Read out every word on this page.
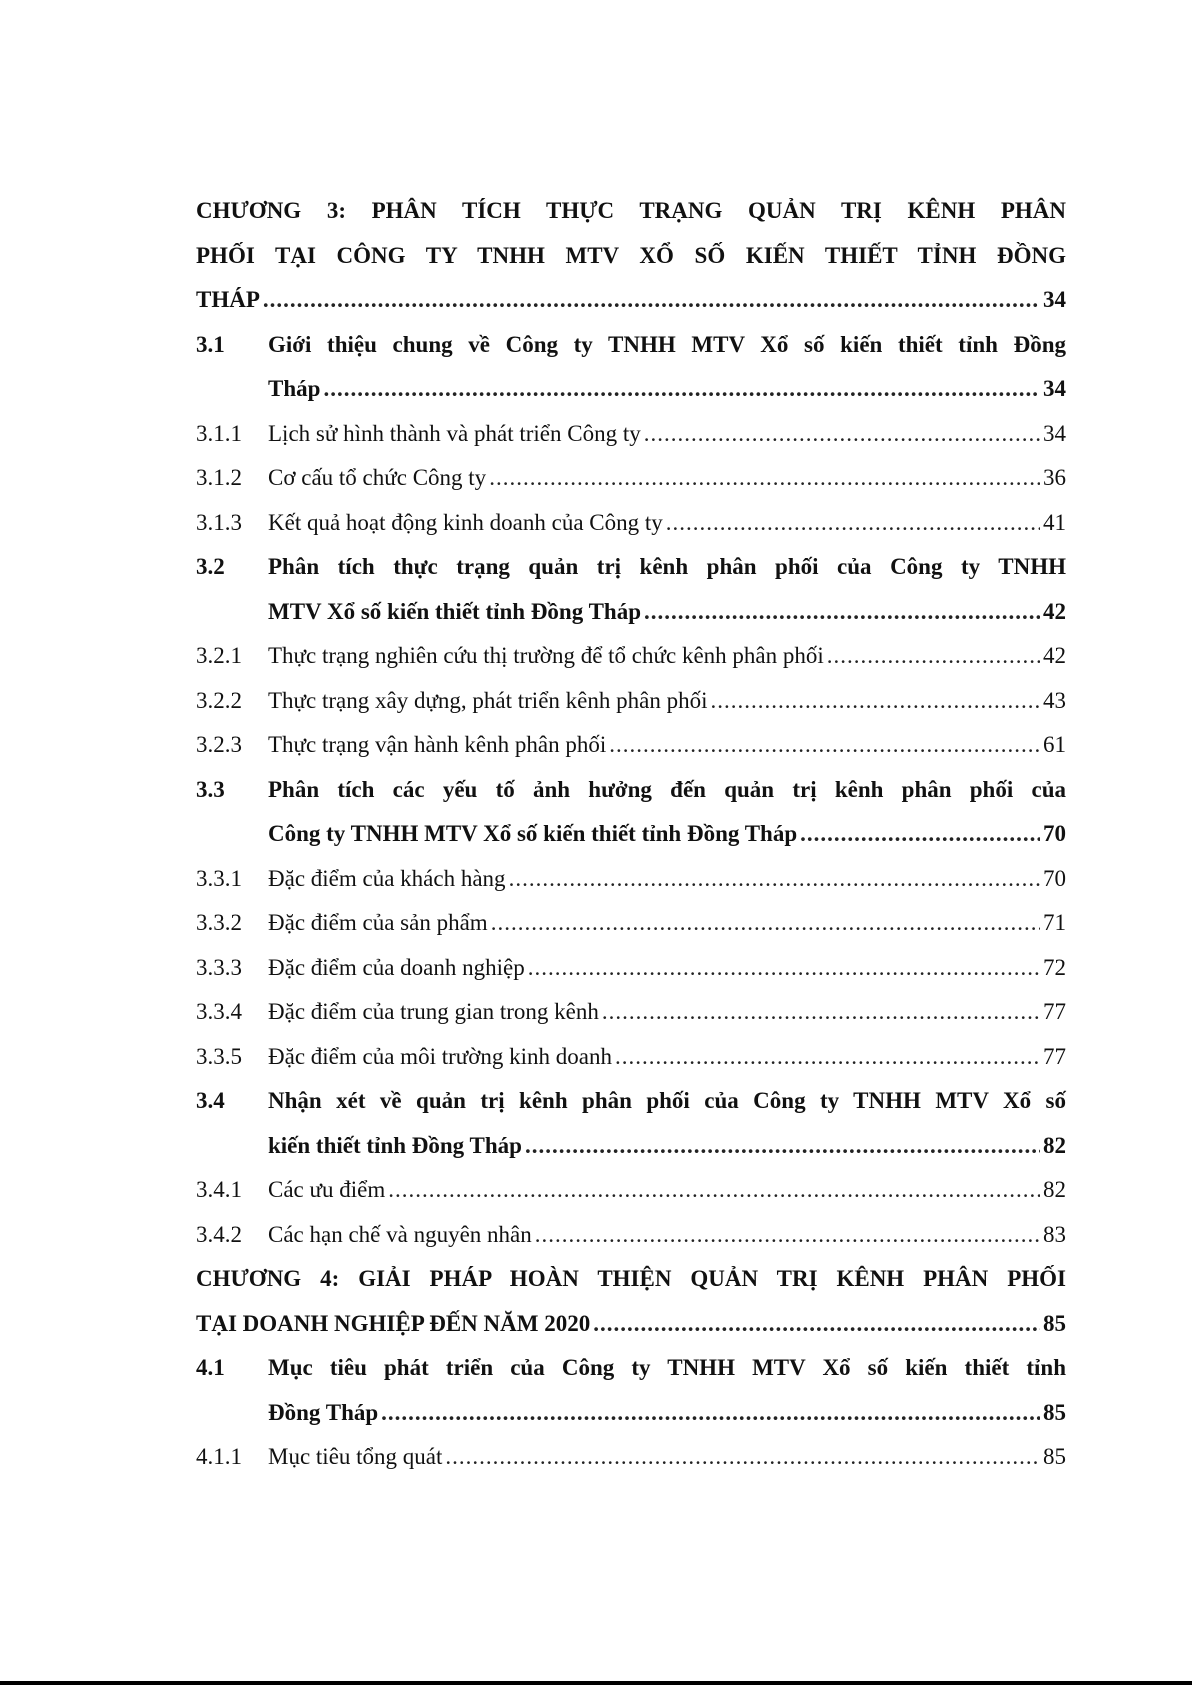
CHƯƠNG 3: PHÂN TÍCH THỰC TRẠNG QUẢN TRỊ KÊNH PHÂN
PHỐI TẠI CÔNG TY TNHH MTV XỔ SỐ KIẾN THIẾT TỈNH ĐỒNG
THÁP .....	34
3.1	Giới thiệu chung về Công ty TNHH MTV Xổ số kiến thiết tỉnh Đồng
Tháp .....	34
3.1.1	Lịch sử hình thành và phát triển Công ty .....	34
3.1.2	Cơ cấu tổ chức Công ty .....	36
3.1.3	Kết quả hoạt động kinh doanh của Công ty .....	41
3.2	Phân tích thực trạng quản trị kênh phân phối của Công ty TNHH
MTV Xổ số kiến thiết tỉnh Đồng Tháp .....	42
3.2.1	Thực trạng nghiên cứu thị trường để tổ chức kênh phân phối .....	42
3.2.2	Thực trạng xây dựng, phát triển kênh phân phối .....	43
3.2.3	Thực trạng vận hành kênh phân phối .....	61
3.3	Phân tích các yếu tố ảnh hưởng đến quản trị kênh phân phối của
Công ty TNHH MTV Xổ số kiến thiết tỉnh Đồng Tháp .....	70
3.3.1	Đặc điểm của khách hàng .....	70
3.3.2	Đặc điểm của sản phẩm .....	71
3.3.3	Đặc điểm của doanh nghiệp .....	72
3.3.4	Đặc điểm của trung gian trong kênh .....	77
3.3.5	Đặc điểm của môi trường kinh doanh .....	77
3.4	Nhận xét về quản trị kênh phân phối của Công ty TNHH MTV Xổ số
kiến thiết tỉnh Đồng Tháp .....	82
3.4.1	Các ưu điểm .....	82
3.4.2	Các hạn chế và nguyên nhân .....	83
CHƯƠNG 4: GIẢI PHÁP HOÀN THIỆN QUẢN TRỊ KÊNH PHÂN PHỐI
TẠI DOANH NGHIỆP ĐẾN NĂM 2020 .....	85
4.1	Mục tiêu phát triển của Công ty TNHH MTV Xổ số kiến thiết tỉnh
Đồng Tháp .....	85
4.1.1	Mục tiêu tổng quát .....	85
